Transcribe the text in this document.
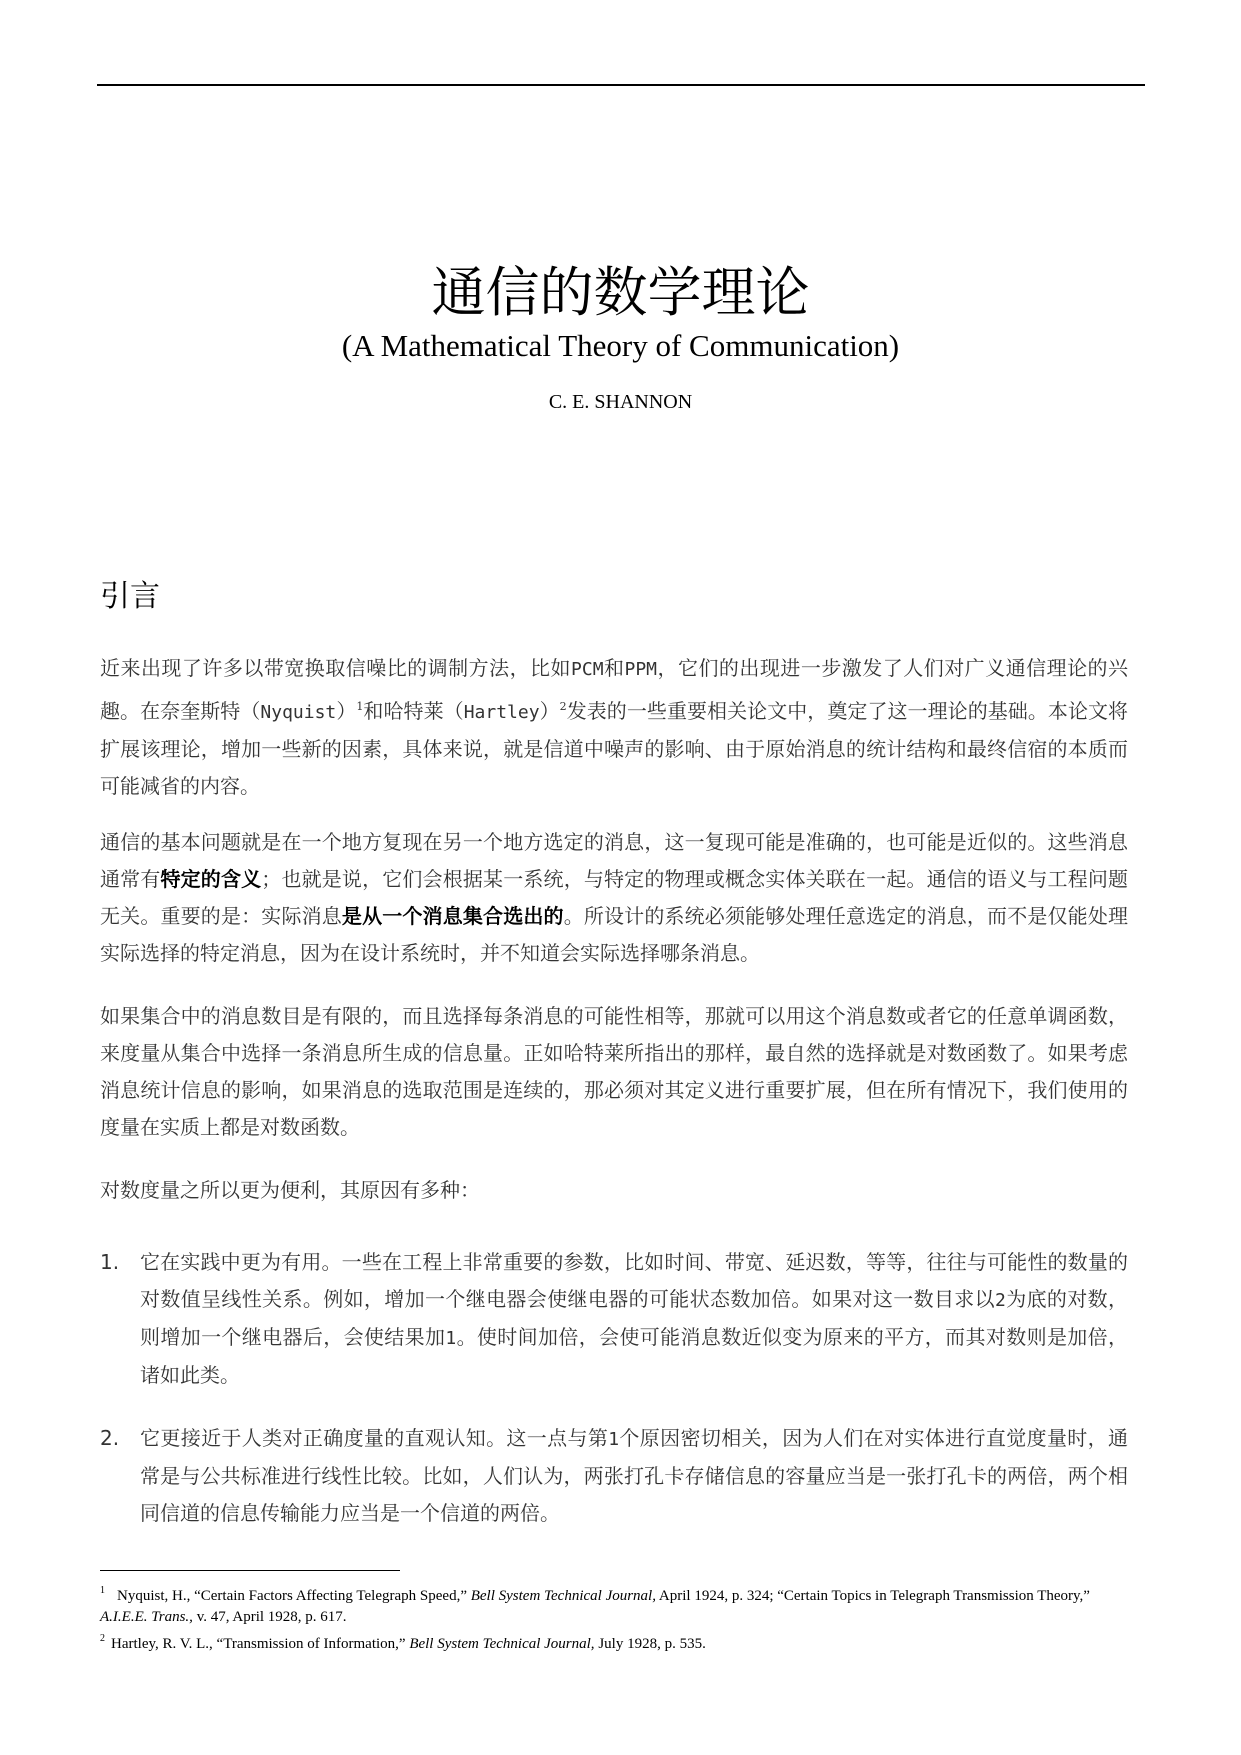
通信的数学理论
(A Mathematical Theory of Communication)
C. E. SHANNON
引言

近来出现了许多以带宽换取信噪比的调制方法，比如PCM和PPM，它们的出现进一步激发了人们对广义通信理论的兴趣。在奈奎斯特（Nyquist）$^1$和哈特莱（Hartley）$^2$发表的一些重要相关论文中，奠定了这一理论的基础。本论文将扩展该理论，增加一些新的因素，具体来说，就是信道中噪声的影响、由于原始消息的统计结构和最终信宿的本质而可能减省的内容。

通信的基本问题就是在一个地方复现在另一个地方选定的消息，这一复现可能是准确的，也可能是近似的。这些消息通常有特定的含义；也就是说，它们会根据某一系统，与特定的物理或概念实体关联在一起。通信的语义与工程问题无关。重要的是：实际消息是从一个消息集合选出的。所设计的系统必须能够处理任意选定的消息，而不是仅能处理实际选择的特定消息，因为在设计系统时，并不知道会实际选择哪条消息。

如果集合中的消息数目是有限的，而且选择每条消息的可能性相等，那就可以用这个消息数或者它的任意单调函数，来度量从集合中选择一条消息所生成的信息量。正如哈特莱所指出的那样，最自然的选择就是对数函数了。如果考虑消息统计信息的影响，如果消息的选取范围是连续的，那必须对其定义进行重要扩展，但在所有情况下，我们使用的度量在实质上都是对数函数。

对数度量之所以更为便利，其原因有多种：

1. 它在实践中更为有用。一些在工程上非常重要的参数，比如时间、带宽、延迟数，等等，往往与可能性的数量的对数值呈线性关系。例如，增加一个继电器会使继电器的可能状态数加倍。如果对这一数目求以2为底的对数，则增加一个继电器后，会使结果加1。使时间加倍，会使可能消息数近似变为原来的平方，而其对数则是加倍，诸如此类。
2. 它更接近于人类对正确度量的直观认知。这一点与第1个原因密切相关，因为人们在对实体进行直觉度量时，通常是与公共标准进行线性比较。比如，人们认为，两张打孔卡存储信息的容量应当是一张打孔卡的两倍，两个相同信道的信息传输能力应当是一个信道的两倍。

$^1$ Nyquist, H., “Certain Factors Affecting Telegraph Speed,” Bell System Technical Journal, April 1924, p. 324; “Certain Topics in Telegraph Transmission Theory,” A.I.E.E. Trans., v. 47, April 1928, p. 617.

$^2$ Hartley, R. V. L., “Transmission of Information,” Bell System Technical Journal, July 1928, p. 535.
